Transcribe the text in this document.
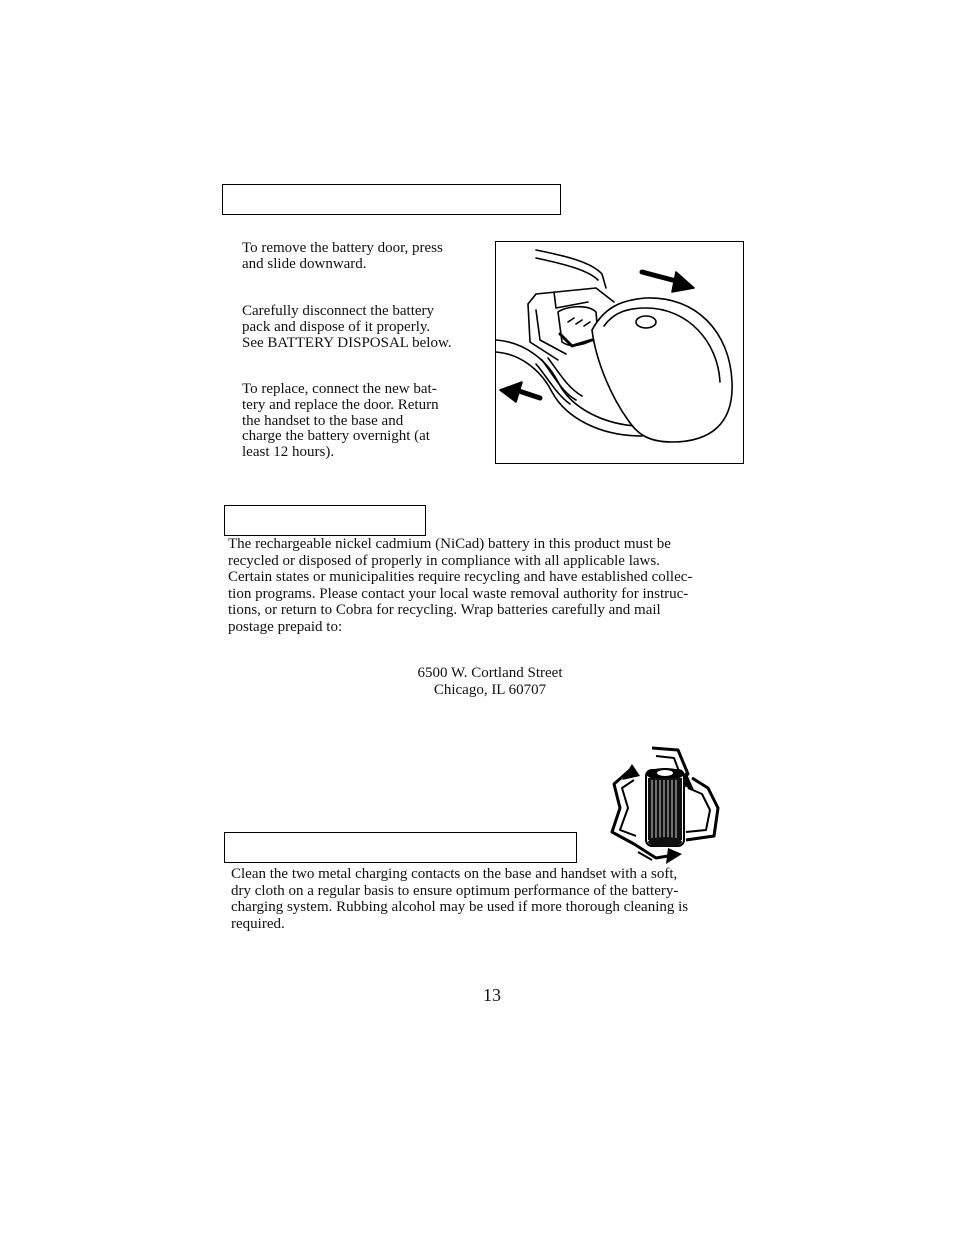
To remove the battery door, press
and slide downward.
Carefully disconnect the battery
pack and dispose of it properly.
See BATTERY DISPOSAL below.
To replace, connect the new bat-
tery and replace the door. Return
the handset to the base and
charge the battery overnight (at
least 12 hours).
The rechargeable nickel cadmium (NiCad) battery in this product must be
recycled or disposed of properly in compliance with all applicable laws.
Certain states or municipalities require recycling and have established collec-
tion programs. Please contact your local waste removal authority for instruc-
tions, or return to Cobra for recycling. Wrap batteries carefully and mail
postage prepaid to:
6500 W. Cortland Street
Chicago, IL 60707
Clean the two metal charging contacts on the base and handset with a soft,
dry cloth on a regular basis to ensure optimum performance of the battery-
charging system. Rubbing alcohol may be used if more thorough cleaning is
required.
13
